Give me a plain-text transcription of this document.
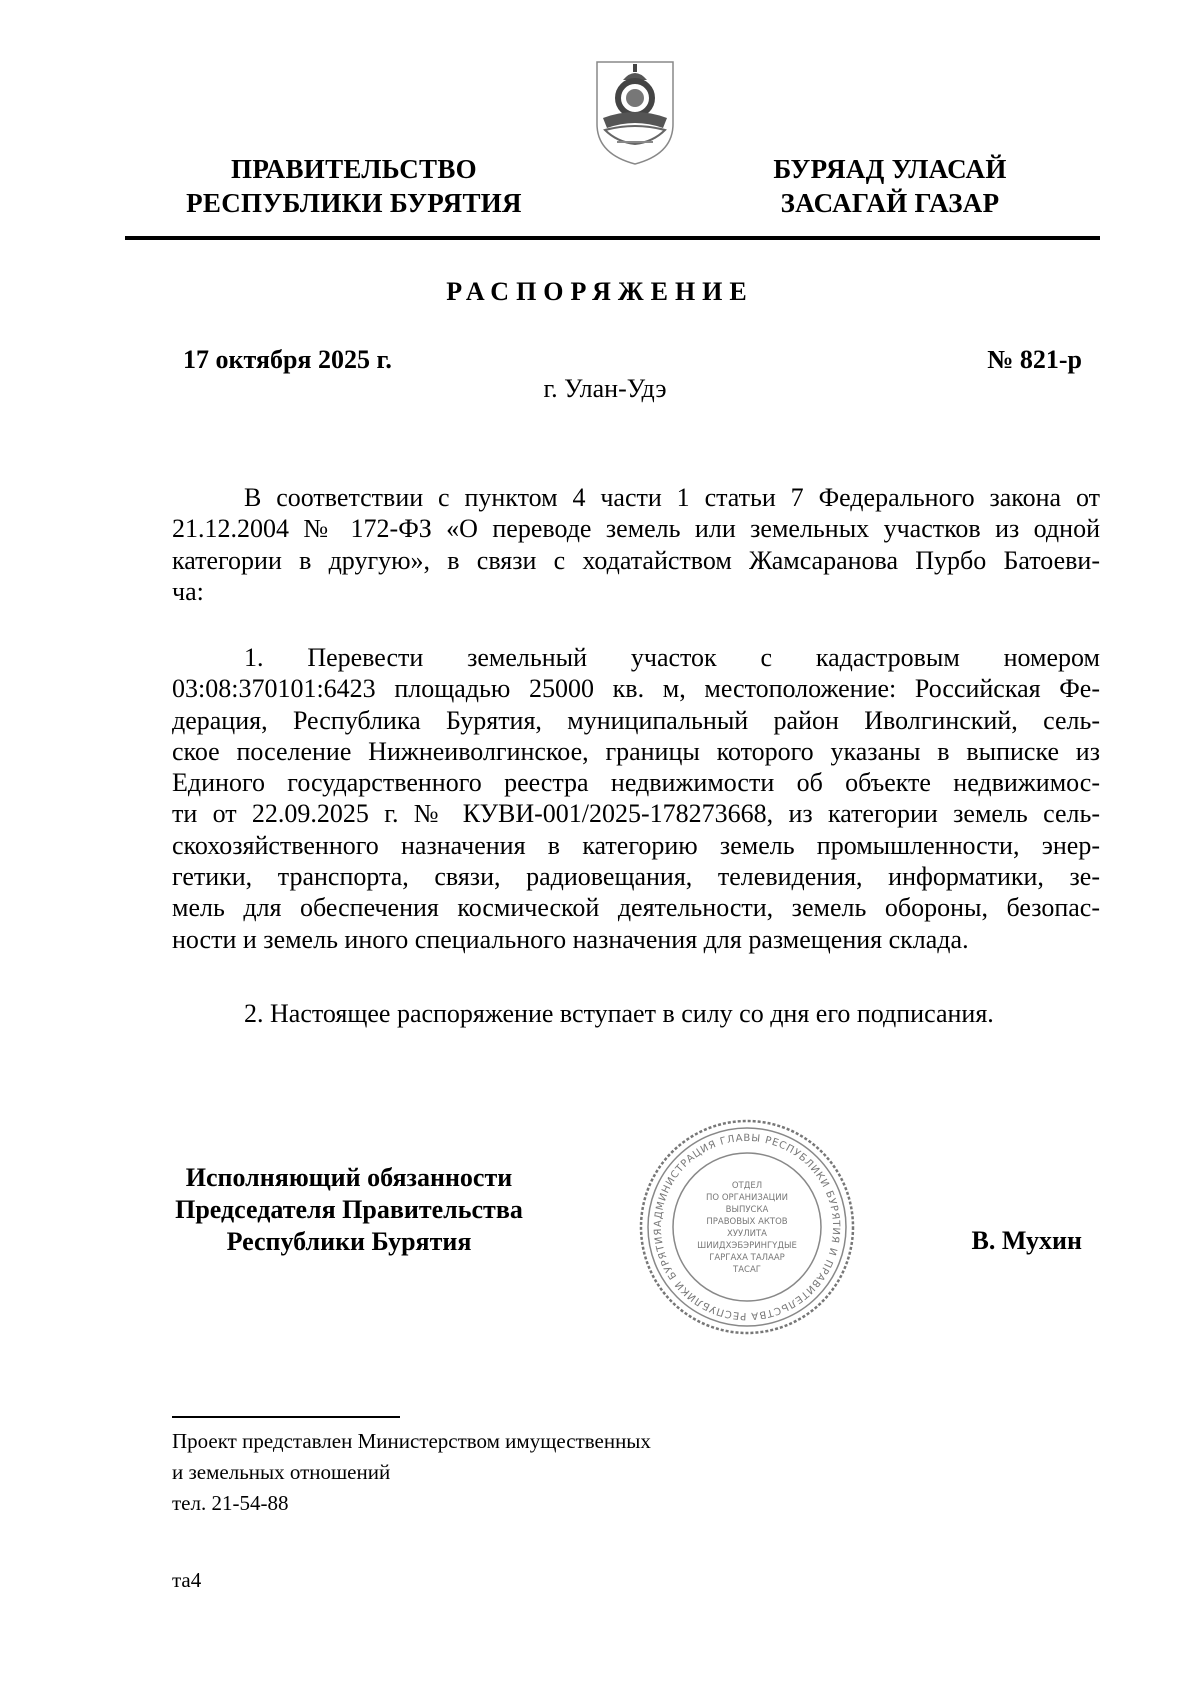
ПРАВИТЕЛЬСТВО
РЕСПУБЛИКИ БУРЯТИЯ
БУРЯАД УЛАСАЙ
ЗАСАГАЙ ГАЗАР
РАСПОРЯЖЕНИЕ
17 октября 2025 г.	№ 821-р
г. Улан-Удэ
В соответствии с пунктом 4 части 1 статьи 7 Федерального закона от
21.12.2004 № 172-ФЗ «О переводе земель или земельных участков из одной
категории в другую», в связи с ходатайством Жамсаранова Пурбо Батоеви-
ча:
1. Перевести земельный участок с кадастровым номером
03:08:370101:6423 площадью 25000 кв. м, местоположение: Российская Фе-
дерация, Республика Бурятия, муниципальный район Иволгинский, сель-
ское поселение Нижнеиволгинское, границы которого указаны в выписке из
Единого государственного реестра недвижимости об объекте недвижимос-
ти от 22.09.2025 г. № КУВИ-001/2025-178273668, из категории земель сель-
скохозяйственного назначения в категорию земель промышленности, энер-
гетики, транспорта, связи, радиовещания, телевидения, информатики, зе-
мель для обеспечения космической деятельности, земель обороны, безопас-
ности и земель иного специального назначения для размещения склада.
2. Настоящее распоряжение вступает в силу со дня его подписания.
Исполняющий обязанности
Председателя Правительства
Республики Бурятия
АДМИНИСТРАЦИЯ ГЛАВЫ РЕСПУБЛИКИ БУРЯТИЯ И ПРАВИТЕЛЬСТВА РЕСПУБЛИКИ БУРЯТИЯ
ОТДЕЛ
ПО ОРГАНИЗАЦИИ
ВЫПУСКА
ПРАВОВЫХ АКТОВ
ХУУЛИТА
ШИИДХЭБЭРИНГҮДЫЕ
ГАРГАХА ТАЛААР
ТАСАГ
В. Мухин
Проект представлен Министерством имущественных
и земельных отношений
тел. 21-54-88
та4
